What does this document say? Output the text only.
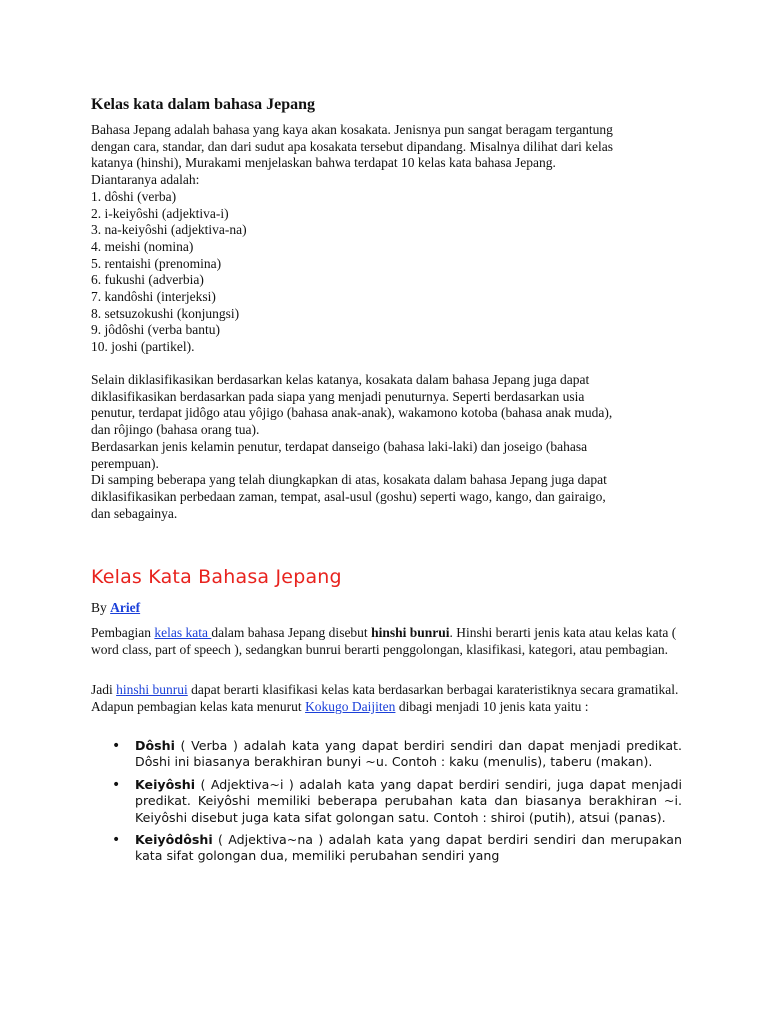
Kelas kata dalam bahasa Jepang

Bahasa Jepang adalah bahasa yang kaya akan kosakata. Jenisnya pun sangat beragam tergantung

dengan cara, standar, dan dari sudut apa kosakata tersebut dipandang. Misalnya dilihat dari kelas

katanya (hinshi), Murakami menjelaskan bahwa terdapat 10 kelas kata bahasa Jepang.

Diantaranya adalah:

1. dôshi (verba)

2. i-keiyôshi (adjektiva-i)

3. na-keiyôshi (adjektiva-na)

4. meishi (nomina)

5. rentaishi (prenomina)

6. fukushi (adverbia)

7. kandôshi (interjeksi)

8. setsuzokushi (konjungsi)

9. jôdôshi (verba bantu)

10. joshi (partikel).

Selain diklasifikasikan berdasarkan kelas katanya, kosakata dalam bahasa Jepang juga dapat

diklasifikasikan berdasarkan pada siapa yang menjadi penuturnya. Seperti berdasarkan usia

penutur, terdapat jidôgo atau yôjigo (bahasa anak-anak), wakamono kotoba (bahasa anak muda),

dan rôjingo (bahasa orang tua).

Berdasarkan jenis kelamin penutur, terdapat danseigo (bahasa laki-laki) dan joseigo (bahasa

perempuan).

Di samping beberapa yang telah diungkapkan di atas, kosakata dalam bahasa Jepang juga dapat

diklasifikasikan perbedaan zaman, tempat, asal-usul (goshu) seperti wago, kango, dan gairaigo,

dan sebagainya.

Kelas Kata Bahasa Jepang
By Arief

Pembagian kelas kata dalam bahasa Jepang disebut hinshi bunrui. Hinshi berarti jenis kata atau kelas kata ( word class, part of speech ), sedangkan bunrui berarti penggolongan, klasifikasi, kategori, atau pembagian.

Jadi hinshi bunrui dapat berarti klasifikasi kelas kata berdasarkan berbagai karateristiknya secara gramatikal. Adapun pembagian kelas kata menurut Kokugo Daijiten dibagi menjadi 10 jenis kata yaitu :

• Dôshi ( Verba ) adalah kata yang dapat berdiri sendiri dan dapat menjadi predikat. Dôshi ini biasanya berakhiran bunyi ~u. Contoh : kaku (menulis), taberu (makan).
• Keiyôshi ( Adjektiva~i ) adalah kata yang dapat berdiri sendiri, juga dapat menjadi predikat. Keiyôshi memiliki beberapa perubahan kata dan biasanya berakhiran ~i. Keiyôshi disebut juga kata sifat golongan satu. Contoh : shiroi (putih), atsui (panas).
• Keiyôdôshi ( Adjektiva~na ) adalah kata yang dapat berdiri sendiri dan merupakan kata sifat golongan dua, memiliki perubahan sendiri yang
